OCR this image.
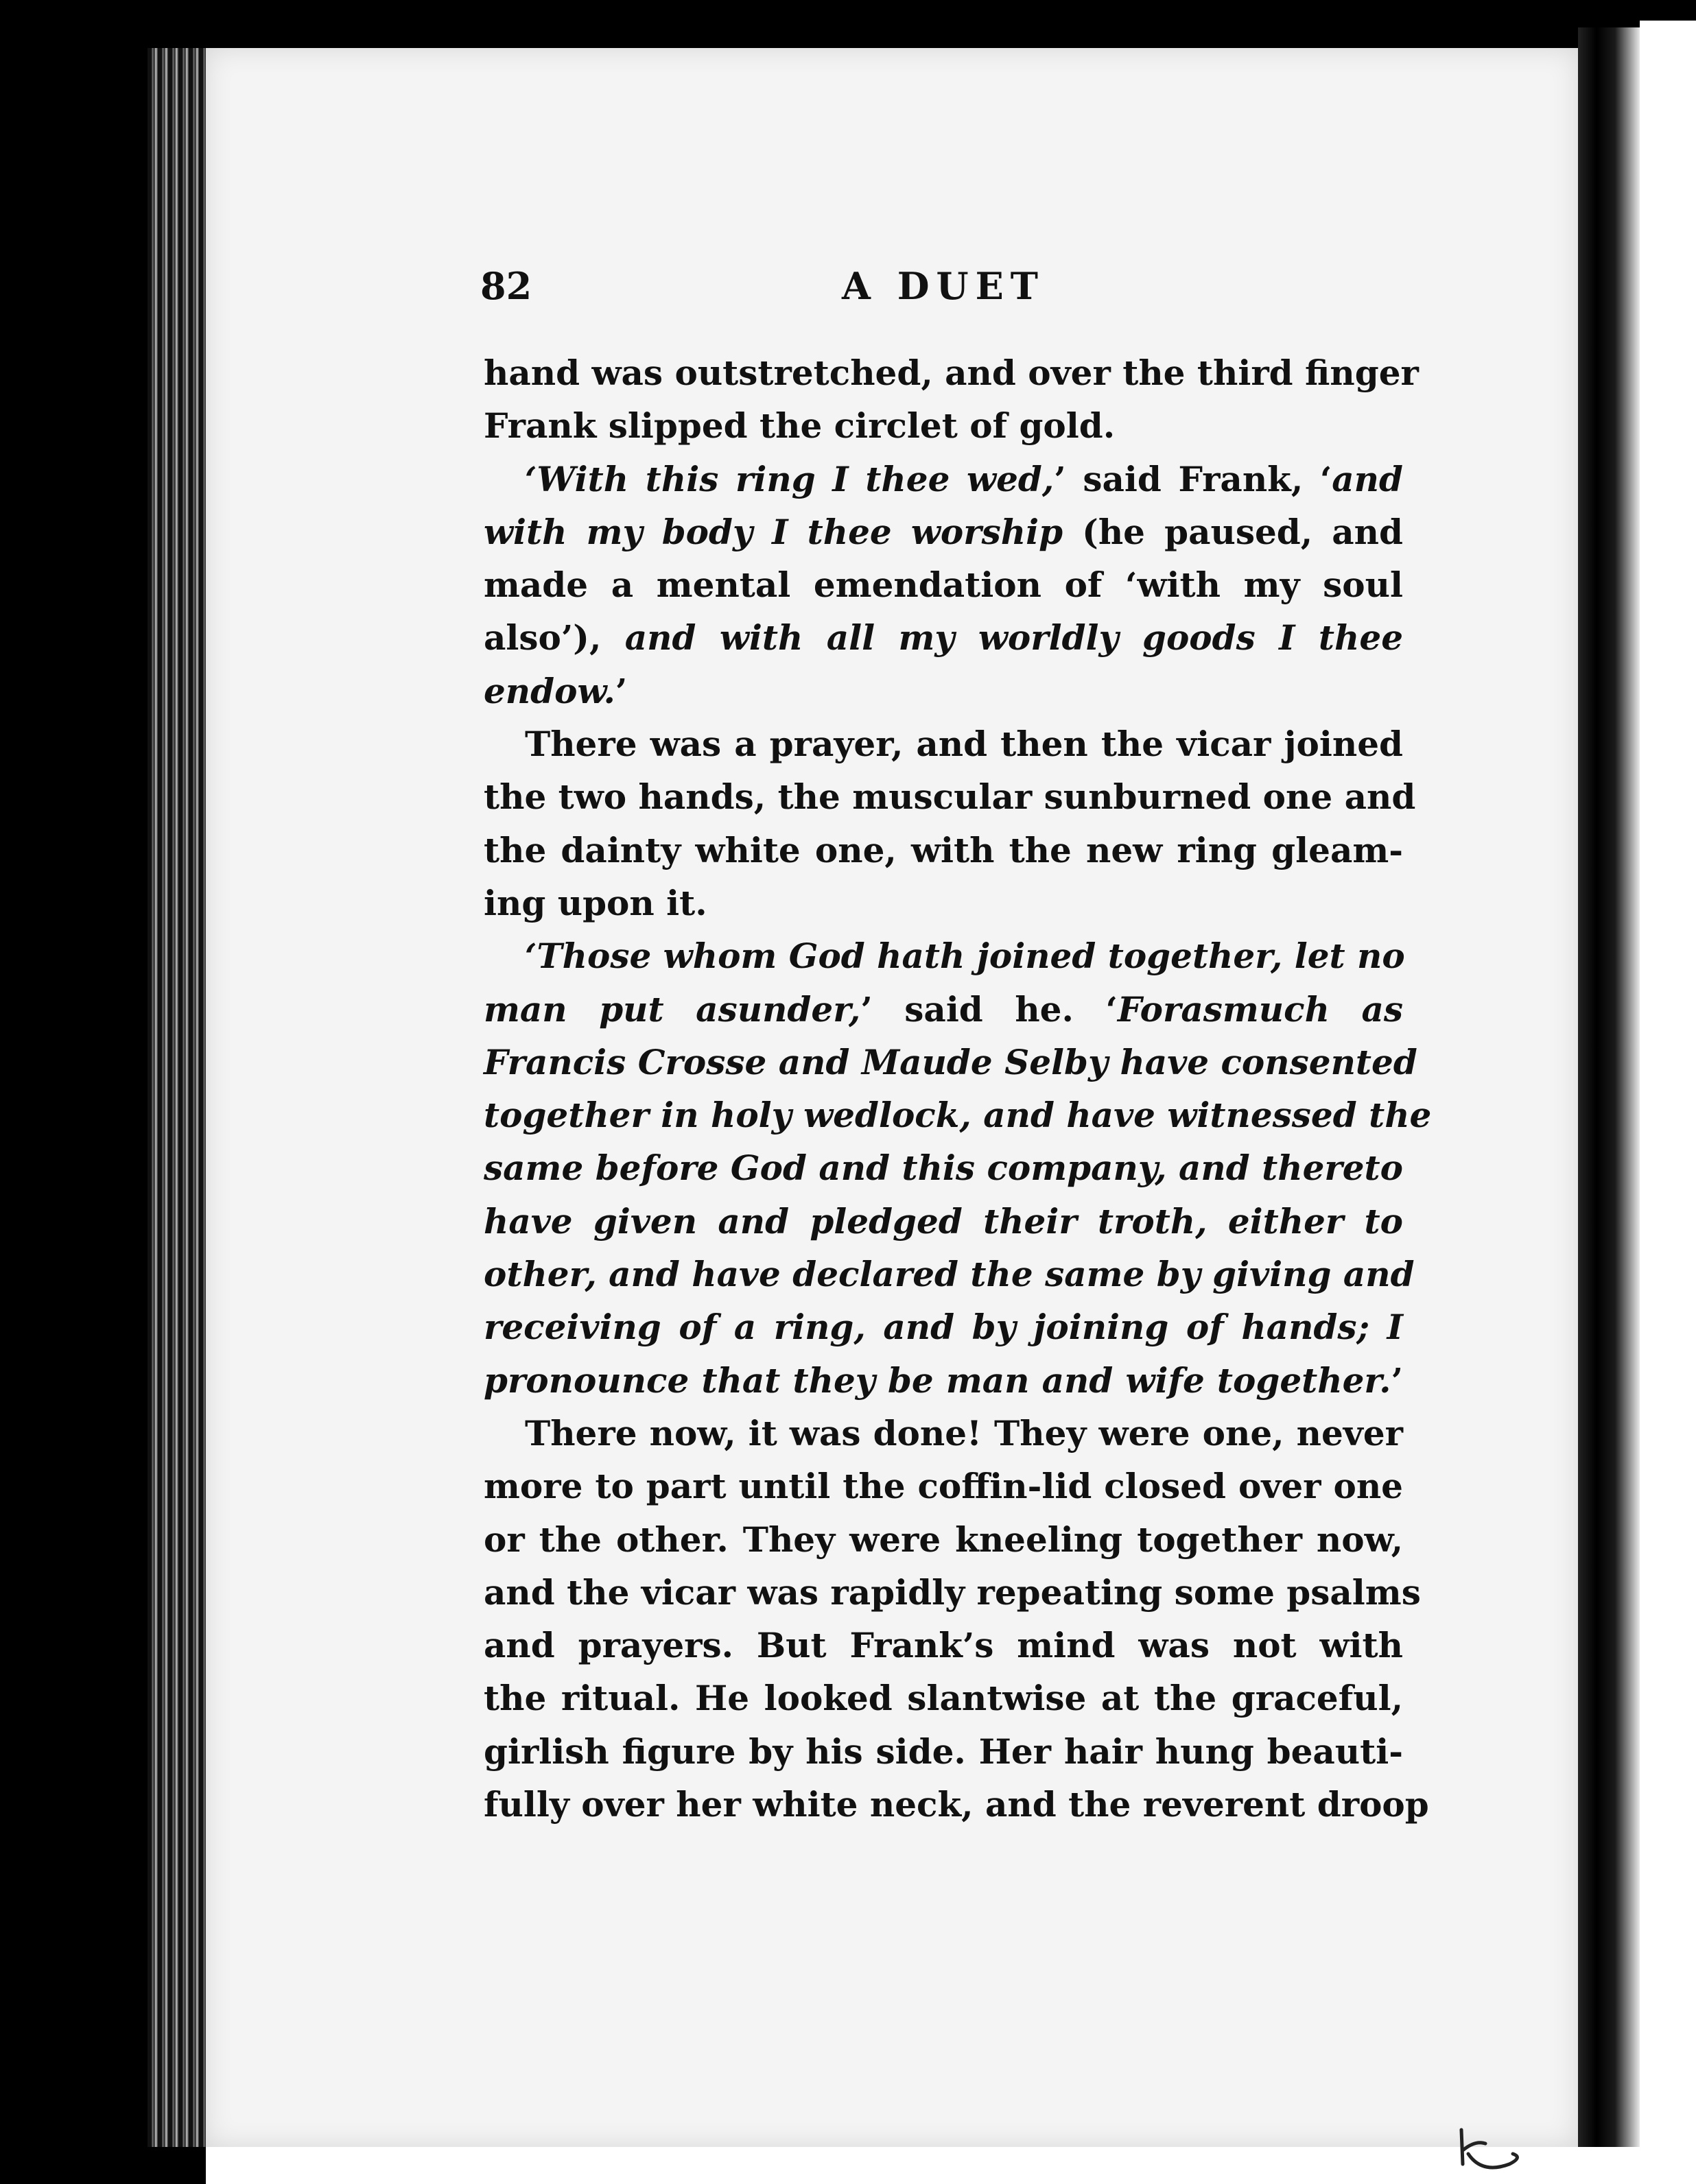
82	A DUET
hand was outstretched, and over the third finger
Frank slipped the circlet of gold.
‘With this ring I thee wed,’ said Frank, ‘and
with my body I thee worship (he paused, and
made a mental emendation of ‘with my soul
also’), and with all my worldly goods I thee
endow.’
There was a prayer, and then the vicar joined
the two hands, the muscular sunburned one and
the dainty white one, with the new ring gleam-
ing upon it.
‘Those whom God hath joined together, let no
man put asunder,’ said he. ‘Forasmuch as
Francis Crosse and Maude Selby have consented
together in holy wedlock, and have witnessed the
same before God and this company, and thereto
have given and pledged their troth, either to
other, and have declared the same by giving and
receiving of a ring, and by joining of hands; I
pronounce that they be man and wife together.’
There now, it was done! They were one, never
more to part until the coffin-lid closed over one
or the other. They were kneeling together now,
and the vicar was rapidly repeating some psalms
and prayers. But Frank’s mind was not with
the ritual. He looked slantwise at the graceful,
girlish figure by his side. Her hair hung beauti-
fully over her white neck, and the reverent droop
